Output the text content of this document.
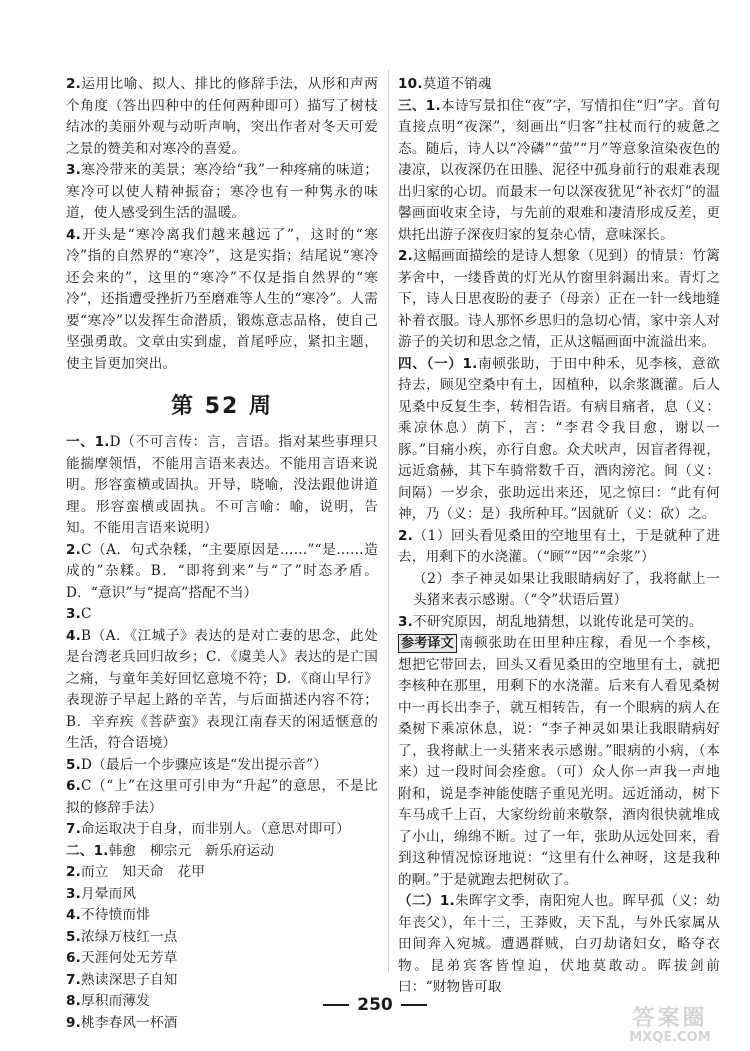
2.运用比喻、拟人、排比的修辞手法，从形和声两个角度（答出四种中的任何两种即可）描写了树枝结冰的美丽外观与动听声响，突出作者对冬天可爱之景的赞美和对寒冷的喜爱。

3.寒冷带来的美景；寒冷给“我”一种疼痛的味道；寒冷可以使人精神振奋；寒冷也有一种隽永的味道，使人感受到生活的温暖。

4.开头是“寒冷离我们越来越远了”，这时的“寒冷”指的自然界的“寒冷”，这是实指；结尾说“寒冷还会来的”，这里的“寒冷”不仅是指自然界的“寒冷”，还指遭受挫折乃至磨难等人生的“寒冷”。人需要“寒冷”以发挥生命潜质，锻炼意志品格，使自己坚强勇敢。文章由实到虚，首尾呼应，紧扣主题，使主旨更加突出。

第 52 周

一、1.D（不可言传：言，言语。指对某些事理只能揣摩领悟，不能用言语来表达。不能用言语来说明。形容蛮横或固执。开导，晓喻，没法跟他讲道理。形容蛮横或固执。不可言喻：喻，说明，告知。不能用言语来说明）

2.C（A．句式杂糅，“主要原因是……”“是……造成的”杂糅。B．“即将到来”与“了”时态矛盾。D．“意识”与“提高”搭配不当）

3.C

4.B（A．《江城子》表达的是对亡妻的思念，此处是台湾老兵回归故乡；C．《虞美人》表达的是亡国之痛，与童年美好回忆意境不符；D．《商山早行》表现游子早起上路的辛苦，与后面描述内容不符；B．辛弃疾《菩萨蛮》表现江南春天的闲适惬意的生活，符合语境）

5.D（最后一个步骤应该是“发出提示音”）

6.C（“上”在这里可引申为“升起”的意思，不是比拟的修辞手法）

7.命运取决于自身，而非别人。（意思对即可）

二、1.韩愈　柳宗元　新乐府运动

2.而立　知天命　花甲

3.月晕而风

4.不待愤而悱

5.浓绿万枝红一点

6.天涯何处无芳草

7.熟读深思子自知

8.厚积而薄发

9.桃李春风一杯酒

10.莫道不销魂

三、1.本诗写景扣住“夜”字，写情扣住“归”字。首句直接点明“夜深”，刻画出“归客”拄杖而行的疲惫之态。随后，诗人以“冷磷”“萤”“月”等意象渲染夜色的凄凉，以夜深仍在田塍、泥径中孤身前行的艰难表现出归家的心切。而最末一句以深夜犹见“补衣灯”的温馨画面收束全诗，与先前的艰难和凄清形成反差，更烘托出游子深夜归家的复杂心情，意味深长。

2.这幅画面描绘的是诗人想象（见到）的情景：竹篱茅舍中，一缕昏黄的灯光从竹窗里斜漏出来。青灯之下，诗人日思夜盼的妻子（母亲）正在一针一线地缝补着衣服。诗人那怀乡思归的急切心情，家中亲人对游子的关切和思念之情，正从这幅画面中流溢出来。

四、（一）1.南顿张助，于田中种禾，见李核，意欲持去，顾见空桑中有土，因植种，以余浆溉灌。后人见桑中反复生李，转相告语。有病目痛者，息（义：乘凉休息）荫下，言：“李君令我目愈，谢以一豚。”目痛小疾，亦行自愈。众犬吠声，因盲者得视，远近翕赫，其下车骑常数千百，酒肉滂沱。间（义：间隔）一岁余，张助远出来还，见之惊曰：“此有何神，乃（义：是）我所种耳。”因就斫（义：砍）之。

2.（1）回头看见桑田的空地里有土，于是就种了进去，用剩下的水浇灌。（“顾”“因”“余浆”）

（2）李子神灵如果让我眼睛病好了，我将献上一头猪来表示感谢。（“令”状语后置）

3.不研究原因，胡乱地猜想，以讹传讹是可笑的。

参考译文 南顿张助在田里种庄稼，看见一个李核，想把它带回去，回头又看见桑田的空地里有土，就把李核种在那里，用剩下的水浇灌。后来有人看见桑树中一再长出李子，就互相转告，有一个眼病的病人在桑树下乘凉休息，说：“李子神灵如果让我眼睛病好了，我将献上一头猪来表示感谢。”眼病的小病，（本来）过一段时间会痊愈。（可）众人你一声我一声地附和，说是李神能使瞎子重见光明。远近涌动，树下车马成千上百，大家纷纷前来敬祭，酒肉很快就堆成了小山，绵绵不断。过了一年，张助从远处回来，看到这种情况惊讶地说：“这里有什么神呀，这是我种的啊。”于是就跑去把树砍了。

（二）1.朱晖字文季，南阳宛人也。晖早孤（义：幼年丧父），年十三，王莽败，天下乱，与外氏家属从田间奔入宛城。遭遇群贼，白刃劫诸妇女，略夺衣物。昆弟宾客皆惶迫，伏地莫敢动。晖拔剑前曰：“财物皆可取

250
答案圈
MXQE.COM
